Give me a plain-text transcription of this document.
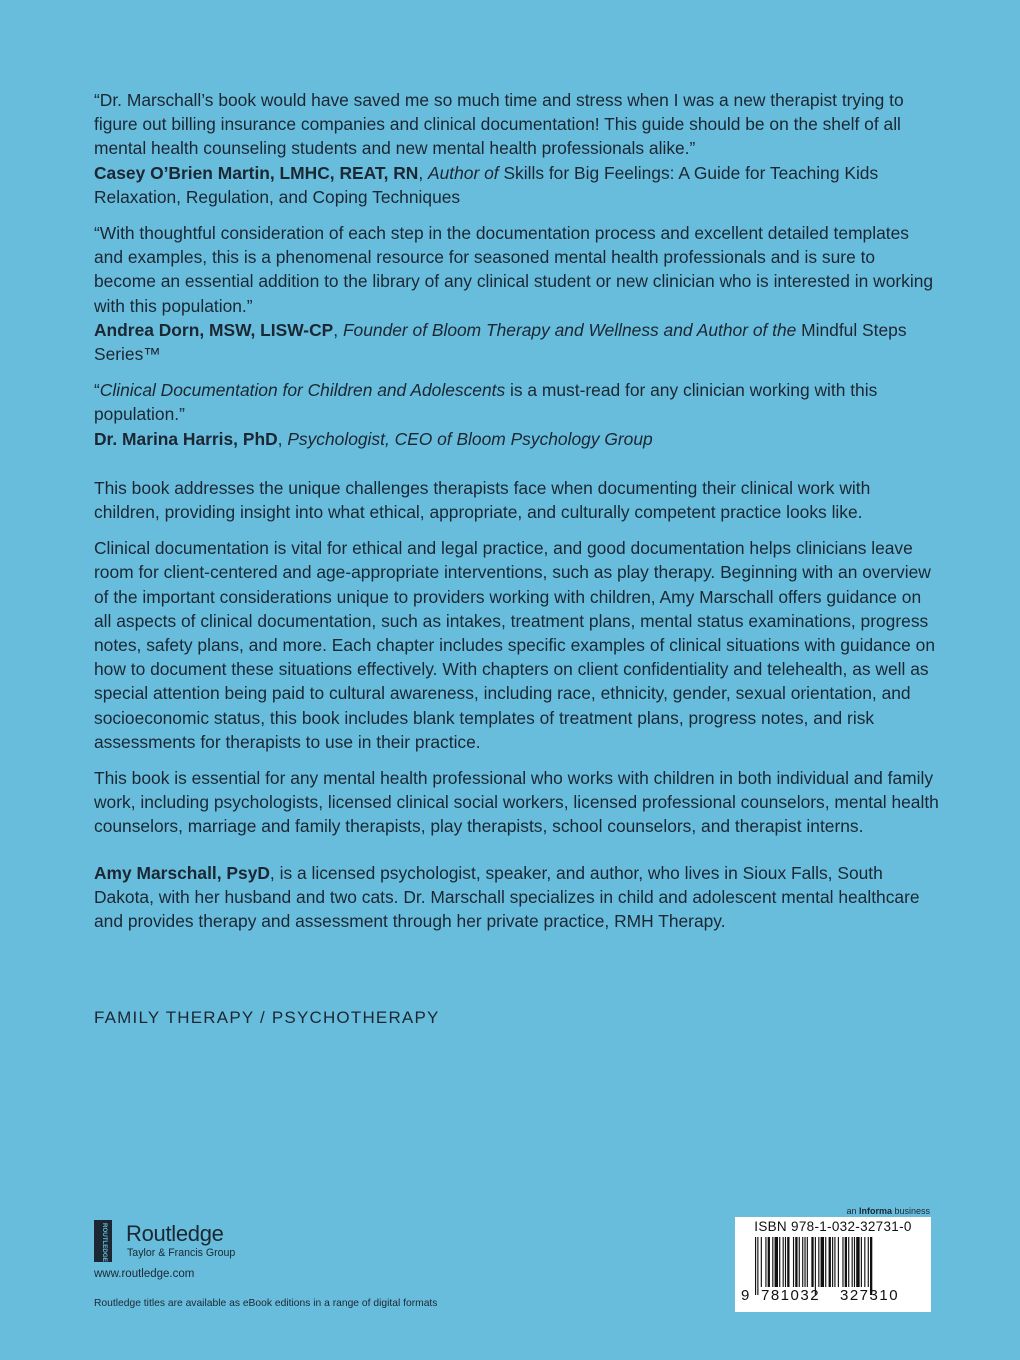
“Dr. Marschall’s book would have saved me so much time and stress when I was a new therapist trying to figure out billing insurance companies and clinical documentation! This guide should be on the shelf of all mental health counseling students and new mental health professionals alike.”

Casey O’Brien Martin, LMHC, REAT, RN, Author of Skills for Big Feelings: A Guide for Teaching Kids Relaxation, Regulation, and Coping Techniques

“With thoughtful consideration of each step in the documentation process and excellent detailed templates and examples, this is a phenomenal resource for seasoned mental health professionals and is sure to become an essential addition to the library of any clinical student or new clinician who is interested in working with this population.”

Andrea Dorn, MSW, LISW-CP, Founder of Bloom Therapy and Wellness and Author of the Mindful Steps Series™

“Clinical Documentation for Children and Adolescents is a must-read for any clinician working with this population.”

Dr. Marina Harris, PhD, Psychologist, CEO of Bloom Psychology Group

This book addresses the unique challenges therapists face when documenting their clinical work with children, providing insight into what ethical, appropriate, and culturally competent practice looks like.

Clinical documentation is vital for ethical and legal practice, and good documentation helps clinicians leave room for client-centered and age-appropriate interventions, such as play therapy. Beginning with an overview of the important considerations unique to providers working with children, Amy Marschall offers guidance on all aspects of clinical documentation, such as intakes, treatment plans, mental status examinations, progress notes, safety plans, and more. Each chapter includes specific examples of clinical situations with guidance on how to document these situations effectively. With chapters on client confidentiality and telehealth, as well as special attention being paid to cultural awareness, including race, ethnicity, gender, sexual orientation, and socioeconomic status, this book includes blank templates of treatment plans, progress notes, and risk assessments for therapists to use in their practice.

This book is essential for any mental health professional who works with children in both individual and family work, including psychologists, licensed clinical social workers, licensed professional counselors, mental health counselors, marriage and family therapists, play therapists, school counselors, and therapist interns.

Amy Marschall, PsyD, is a licensed psychologist, speaker, and author, who lives in Sioux Falls, South Dakota, with her husband and two cats. Dr. Marschall specializes in child and adolescent mental healthcare and provides therapy and assessment through her private practice, RMH Therapy.

FAMILY THERAPY / PSYCHOTHERAPY
ROUTLEDGE Routledge
Taylor & Francis Group
www.routledge.com
Routledge titles are available as eBook editions in a range of digital formats
an Informa business
ISBN 978-1-032-32731-0
9 781032 327310
